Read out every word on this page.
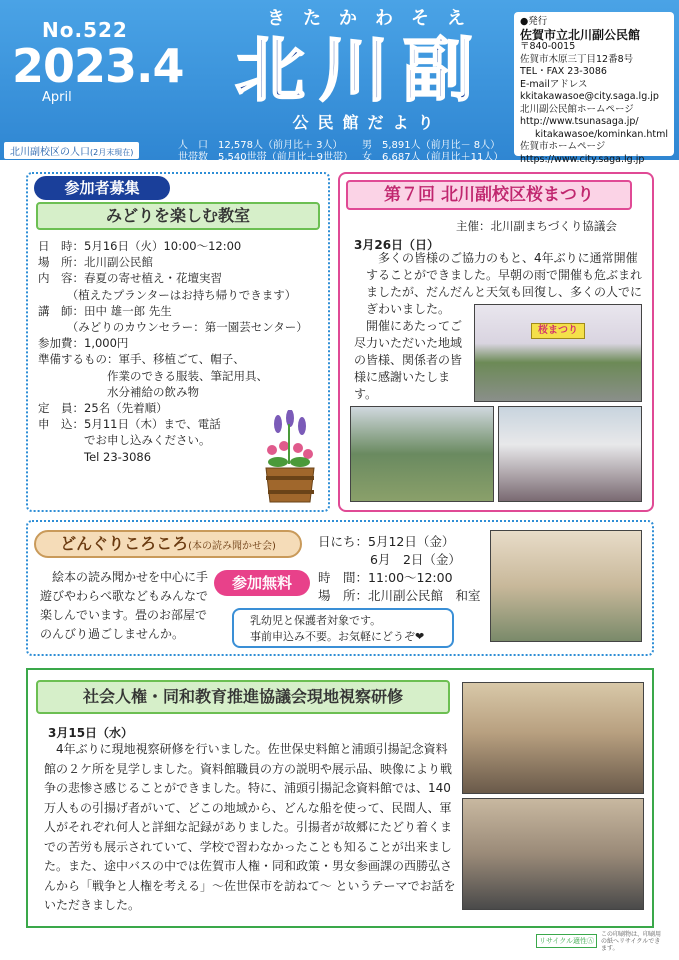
No.522
2023.4
April
きたかわそえ
北川副
公民館だより
●発行
佐賀市立北川副公民館
〒840-0015
佐賀市木原三丁目12番8号
TEL・FAX 23-3086
E-mailアドレス
kkitakawasoe@city.saga.lg.jp
北川副公民館ホームページ
http://www.tsunasaga.jp/
kitakawasoe/kominkan.html
佐賀市ホームページ
https://www.city.saga.lg.jp
北川副校区の人口(2月末現在)
人　口　 12,578人（前月比＋ 3人）
世帯数　 5,540世帯（前月比＋9世帯）
男　 5,891人（前月比－ 8人）
女　 6,687人（前月比＋11人）
参加者募集
みどりを楽しむ教室
日　時：5月16日（火）10:00～12:00
場　所：北川副公民館
内　容：春夏の寄せ植え・花壇実習
　　　（植えたプランターはお持ち帰りできます）
講　師：田中 雄一郎 先生
　　　（みどりのカウンセラー：第一園芸センター）
参加費：1,000円
準備するもの：軍手、移植ごて、帽子、
　　　　　　作業のできる服装、筆記用具、
　　　　　　水分補給の飲み物
定　員：25名（先着順）
申　込：5月11日（木）まで、電話
　　　　でお申し込みください。
　　　　Tel 23-3086
第７回 北川副校区桜まつり
主催：北川副まちづくり協議会
3月26日（日）
多くの皆様のご協力のもと、4年ぶりに通常開催することができました。早朝の雨で開催も危ぶまれましたが、だんだんと天気も回復し、多くの人でにぎわいました。
開催にあたってご尽力いただいた地域の皆様、関係者の皆様に感謝いたします。
桜まつり
どんぐりころころ(本の読み聞かせ会)
絵本の読み聞かせを中心に手遊びやわらべ歌などもみんなで楽しんでいます。畳のお部屋でのんびり過ごしませんか。
参加無料
日にち：5月12日（金）
6月　2日（金）
時　間：11:00～12:00
場　所：北川副公民館　和室
乳幼児と保護者対象です。
事前申込み不要。お気軽にどうぞ❤
社会人権・同和教育推進協議会現地視察研修
3月15日（水）
4年ぶりに現地視察研修を行いました。佐世保史料館と浦頭引揚記念資料館の２ケ所を見学しました。資料館職員の方の説明や展示品、映像により戦争の悲惨さ感じることができました。特に、浦頭引揚記念資料館では、140万人もの引揚げ者がいて、どこの地域から、どんな船を使って、民間人、軍人がそれぞれ何人と詳細な記録がありました。引揚者が故郷にたどり着くまでの苦労も展示されていて、学校で習わなかったことも知ることが出来ました。また、途中バスの中では佐賀市人権・同和政策・男女参画課の西勝弘さんから「戦争と人権を考える」～佐世保市を訪ねて～ というテーマでお話をいただきました。
リサイクル適性Ⓐ
この印刷物は、印刷用の紙へリサイクルできます。
